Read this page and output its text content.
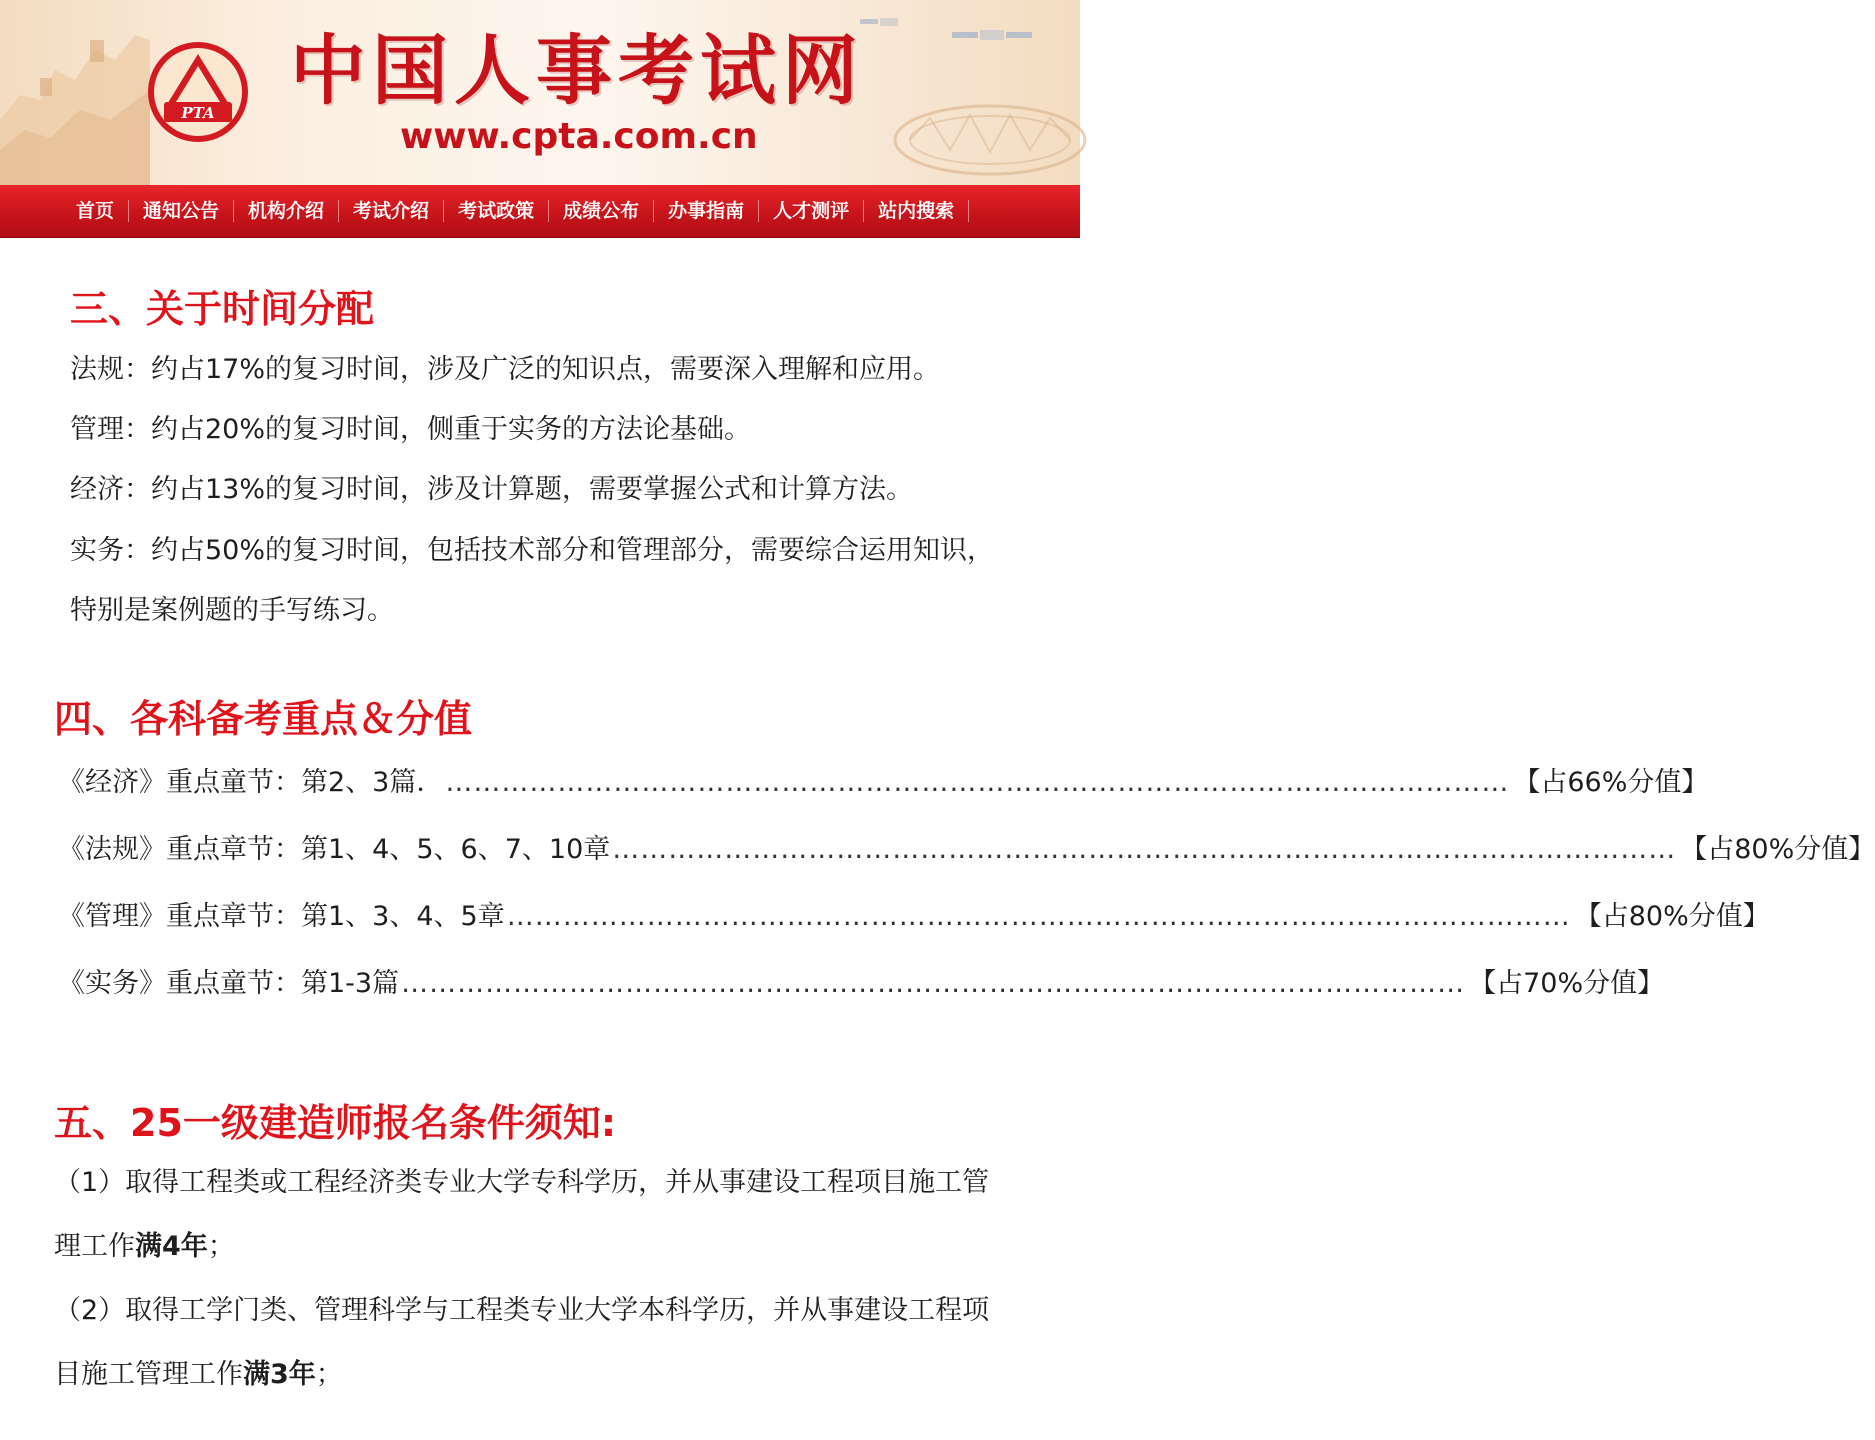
PTA 中国人事考试网
www.cpta.com.cn
首页	通知公告	机构介绍	考试介绍	考试政策	成绩公布	办事指南	人才测评	站内搜索
三、关于时间分配
法规：约占17%的复习时间，涉及广泛的知识点，需要深入理解和应用。
管理：约占20%的复习时间，侧重于实务的方法论基础。
经济：约占13%的复习时间，涉及计算题，需要掌握公式和计算方法。
实务：约占50%的复习时间，包括技术部分和管理部分，需要综合运用知识，
特别是案例题的手写练习。
四、各科备考重点＆分值
《经济》重点童节：第2、3篇． …………………………………………………………………………………………………… 【占66%分值】
《法规》重点章节：第1、4、5、6、7、10章 …………………………………………………………………………………………………… 【占80%分值】
《管理》重点章节：第1、3、4、5章 …………………………………………………………………………………………………… 【占80%分值】
《实务》重点童节：第1-3篇 …………………………………………………………………………………………………… 【占70%分值】
五、25一级建造师报名条件须知:
（1）取得工程类或工程经济类专业大学专科学历，并从事建设工程项目施工管
理工作满4年；
（2）取得工学门类、管理科学与工程类专业大学本科学历，并从事建设工程项
目施工管理工作满3年；
